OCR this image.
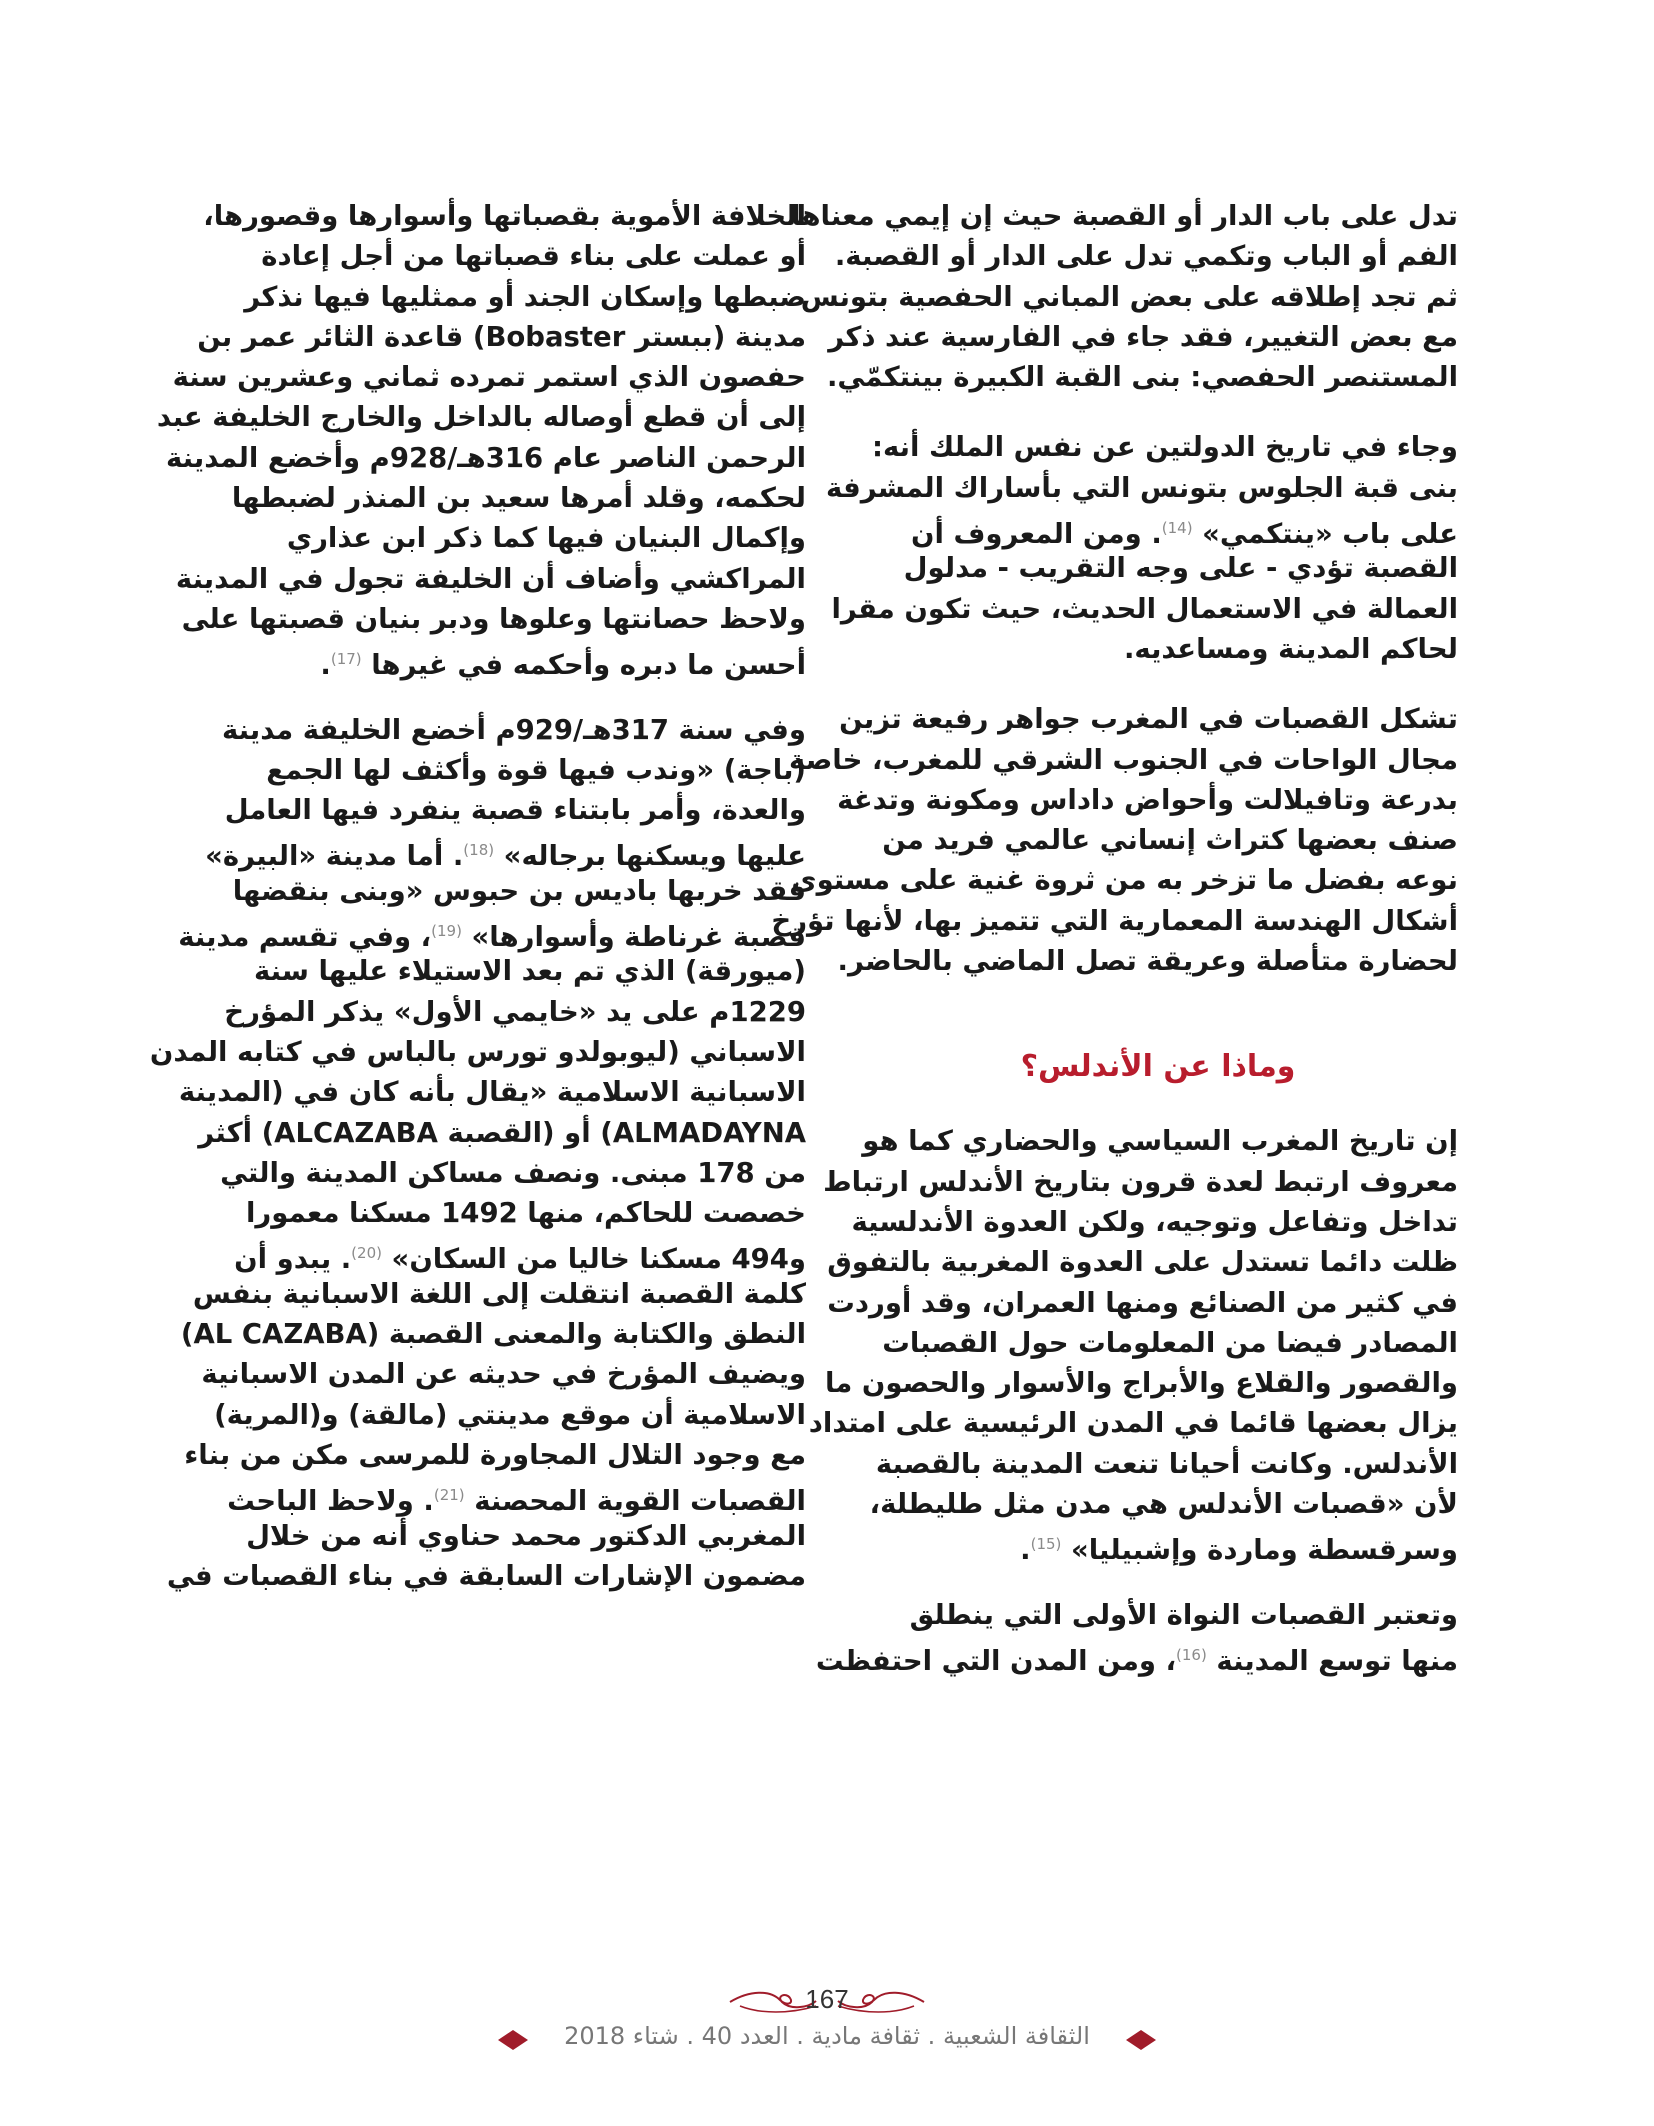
تدل على باب الدار أو القصبة حيث إن إيمي معناها
الفم أو الباب وتكمي تدل على الدار أو القصبة.
ثم تجد إطلاقه على بعض المباني الحفصية بتونس
مع بعض التغيير، فقد جاء في الفارسية عند ذكر
المستنصر الحفصي: بنى القبة الكبيرة بينتكمّي.
وجاء في تاريخ الدولتين عن نفس الملك أنه:
بنى قبة الجلوس بتونس التي بأساراك المشرفة
على باب «ينتكمي» $^{(14)}$. ومن المعروف أن
القصبة تؤدي - على وجه التقريب - مدلول
العمالة في الاستعمال الحديث، حيث تكون مقرا
لحاكم المدينة ومساعديه.
تشكل القصبات في المغرب جواهر رفيعة تزين
مجال الواحات في الجنوب الشرقي للمغرب، خاصة
بدرعة وتافيلالت وأحواض داداس ومكونة وتدغة
صنف بعضها كتراث إنساني عالمي فريد من
نوعه بفضل ما تزخر به من ثروة غنية على مستوى
أشكال الهندسة المعمارية التي تتميز بها، لأنها تؤرخ
لحضارة متأصلة وعريقة تصل الماضي بالحاضر.
وماذا عن الأندلس؟
إن تاريخ المغرب السياسي والحضاري كما هو
معروف ارتبط لعدة قرون بتاريخ الأندلس ارتباط
تداخل وتفاعل وتوجيه، ولكن العدوة الأندلسية
ظلت دائما تستدل على العدوة المغربية بالتفوق
في كثير من الصنائع ومنها العمران، وقد أوردت
المصادر فيضا من المعلومات حول القصبات
والقصور والقلاع والأبراج والأسوار والحصون ما
يزال بعضها قائما في المدن الرئيسية على امتداد
الأندلس. وكانت أحيانا تنعت المدينة بالقصبة
لأن «قصبات الأندلس هي مدن مثل طليطلة،
وسرقسطة وماردة وإشبيليا» $^{(15)}$.
وتعتبر القصبات النواة الأولى التي ينطلق
منها توسع المدينة $^{(16)}$، ومن المدن التي احتفظت
الخلافة الأموية بقصباتها وأسوارها وقصورها،
أو عملت على بناء قصباتها من أجل إعادة
ضبطها وإسكان الجند أو ممثليها فيها نذكر
مدينة (ببستر Bobaster) قاعدة الثائر عمر بن
حفصون الذي استمر تمرده ثماني وعشرين سنة
إلى أن قطع أوصاله بالداخل والخارج الخليفة عبد
الرحمن الناصر عام 316هـ/928م وأخضع المدينة
لحكمه، وقلد أمرها سعيد بن المنذر لضبطها
وإكمال البنيان فيها كما ذكر ابن عذاري
المراكشي وأضاف أن الخليفة تجول في المدينة
ولاحظ حصانتها وعلوها ودبر بنيان قصبتها على
أحسن ما دبره وأحكمه في غيرها $^{(17)}$.
وفي سنة 317هـ/929م أخضع الخليفة مدينة
(باجة) «وندب فيها قوة وأكثف لها الجمع
والعدة، وأمر بابتناء قصبة ينفرد فيها العامل
عليها ويسكنها برجاله» $^{(18)}$. أما مدينة «البيرة»
فقد خربها باديس بن حبوس «وبنى بنقضها
قصبة غرناطة وأسوارها» $^{(19)}$، وفي تقسم مدينة
(ميورقة) الذي تم بعد الاستيلاء عليها سنة
1229م على يد «خايمي الأول» يذكر المؤرخ
الاسباني (ليوبولدو تورس بالباس في كتابه المدن
الاسبانية الاسلامية «يقال بأنه كان في (المدينة
ALMADAYNA) أو (القصبة ALCAZABA) أكثر
من 178 مبنى. ونصف مساكن المدينة والتي
خصصت للحاكم، منها 1492 مسكنا معمورا
و494 مسكنا خاليا من السكان» $^{(20)}$. يبدو أن
كلمة القصبة انتقلت إلى اللغة الاسبانية بنفس
النطق والكتابة والمعنى القصبة (AL CAZABA)
ويضيف المؤرخ في حديثه عن المدن الاسبانية
الاسلامية أن موقع مدينتي (مالقة) و(المرية)
مع وجود التلال المجاورة للمرسى مكن من بناء
القصبات القوية المحصنة $^{(21)}$. ولاحظ الباحث
المغربي الدكتور محمد حناوي أنه من خلال
مضمون الإشارات السابقة في بناء القصبات في
167
الثقافة الشعبية . ثقافة مادية . العدد 40 . شتاء 2018
